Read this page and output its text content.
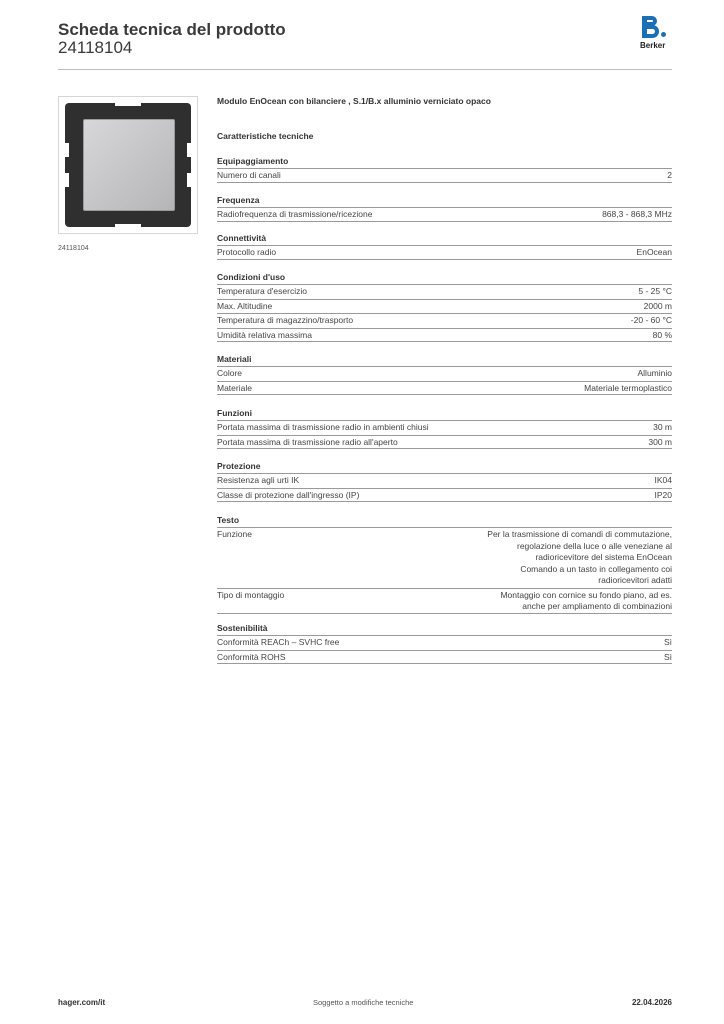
Scheda tecnica del prodotto
24118104	Berker
24118104
Modulo EnOcean con bilanciere , S.1/B.x alluminio verniciato opaco
Caratteristiche tecniche
Equipaggiamento
Numero di canali	2
Frequenza
Radiofrequenza di trasmissione/ricezione	868,3 - 868,3 MHz
Connettività
Protocollo radio	EnOcean
Condizioni d'uso
Temperatura d'esercizio	5 - 25 °C
Max. Altitudine	2000 m
Temperatura di magazzino/trasporto	-20 - 60 °C
Umidità relativa massima	80 %
Materiali
Colore	Alluminio
Materiale	Materiale termoplastico
Funzioni
Portata massima di trasmissione radio in ambienti chiusi	30 m
Portata massima di trasmissione radio all'aperto	300 m
Protezione
Resistenza agli urti IK	IK04
Classe di protezione dall'ingresso (IP)	IP20
Testo
Funzione	Per la trasmissione di comandi di commutazione,
regolazione della luce o alle veneziane al
radioricevitore del sistema EnOcean
Comando a un tasto in collegamento coi
radioricevitori adatti
Tipo di montaggio	Montaggio con cornice su fondo piano, ad es.
anche per ampliamento di combinazioni
Sostenibilità
Conformità REACh – SVHC free	Sì
Conformità ROHS	Sì
hager.com/it	Soggetto a modifiche tecniche	22.04.2026
